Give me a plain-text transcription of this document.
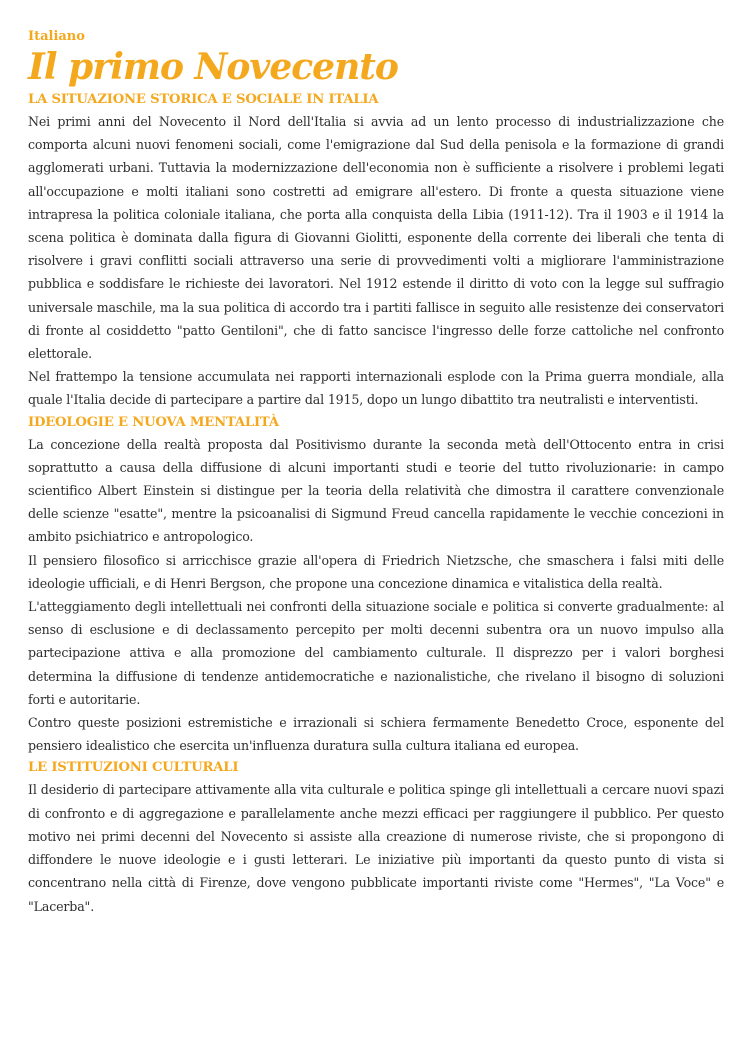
Italiano
Il primo Novecento
LA SITUAZIONE STORICA E SOCIALE IN ITALIA

Nei primi anni del Novecento il Nord dell'Italia si avvia ad un lento processo di industrializzazione che comporta alcuni nuovi fenomeni sociali, come l'emigrazione dal Sud della penisola e la formazione di grandi agglomerati urbani. Tuttavia la modernizzazione dell'economia non è sufficiente a risolvere i problemi legati all'occupazione e molti italiani sono costretti ad emigrare all'estero. Di fronte a questa situazione viene intrapresa la politica coloniale italiana, che porta alla conquista della Libia (1911-12). Tra il 1903 e il 1914 la scena politica è dominata dalla figura di Giovanni Giolitti, esponente della corrente dei liberali che tenta di risolvere i gravi conflitti sociali attraverso una serie di provvedimenti volti a migliorare l'amministrazione pubblica e soddisfare le richieste dei lavoratori. Nel 1912 estende il diritto di voto con la legge sul suffragio universale maschile, ma la sua politica di accordo tra i partiti fallisce in seguito alle resistenze dei conservatori di fronte al cosiddetto "patto Gentiloni", che di fatto sancisce l'ingresso delle forze cattoliche nel confronto elettorale.

Nel frattempo la tensione accumulata nei rapporti internazionali esplode con la Prima guerra mondiale, alla quale l'Italia decide di partecipare a partire dal 1915, dopo un lungo dibattito tra neutralisti e interventisti.

IDEOLOGIE E NUOVA MENTALITÀ

La concezione della realtà proposta dal Positivismo durante la seconda metà dell'Ottocento entra in crisi soprattutto a causa della diffusione di alcuni importanti studi e teorie del tutto rivoluzionarie: in campo scientifico Albert Einstein si distingue per la teoria della relatività che dimostra il carattere convenzionale delle scienze "esatte", mentre la psicoanalisi di Sigmund Freud cancella rapidamente le vecchie concezioni in ambito psichiatrico e antropologico.

Il pensiero filosofico si arricchisce grazie all'opera di Friedrich Nietzsche, che smaschera i falsi miti delle ideologie ufficiali, e di Henri Bergson, che propone una concezione dinamica e vitalistica della realtà.

L'atteggiamento degli intellettuali nei confronti della situazione sociale e politica si converte gradualmente: al senso di esclusione e di declassamento percepito per molti decenni subentra ora un nuovo impulso alla partecipazione attiva e alla promozione del cambiamento culturale. Il disprezzo per i valori borghesi determina la diffusione di tendenze antidemocratiche e nazionalistiche, che rivelano il bisogno di soluzioni forti e autoritarie.

Contro queste posizioni estremistiche e irrazionali si schiera fermamente Benedetto Croce, esponente del pensiero idealistico che esercita un'influenza duratura sulla cultura italiana ed europea.

LE ISTITUZIONI CULTURALI

Il desiderio di partecipare attivamente alla vita culturale e politica spinge gli intellettuali a cercare nuovi spazi di confronto e di aggregazione e parallelamente anche mezzi efficaci per raggiungere il pubblico. Per questo motivo nei primi decenni del Novecento si assiste alla creazione di numerose riviste, che si propongono di diffondere le nuove ideologie e i gusti letterari. Le iniziative più importanti da questo punto di vista si concentrano nella città di Firenze, dove vengono pubblicate importanti riviste come "Hermes", "La Voce" e "Lacerba".
